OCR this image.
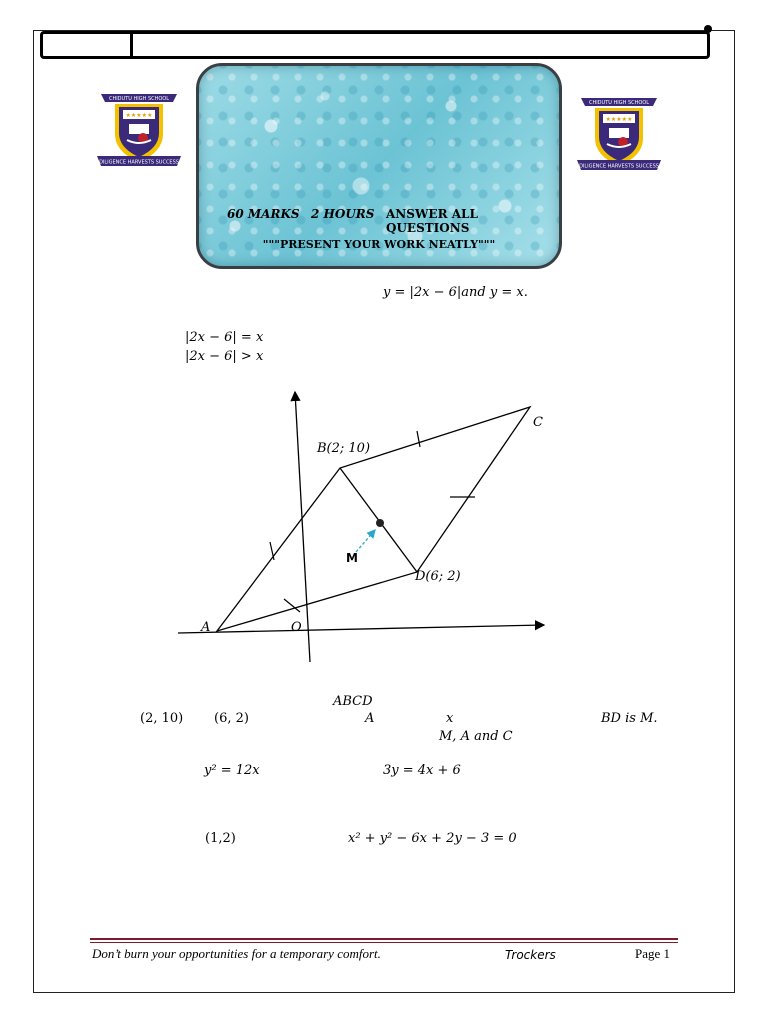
CHIDUTU HIGH SCHOOL
★★★★★
DILIGENCE HARVESTS SUCCESS
CHIDUTU HIGH SCHOOL
★★★★★
DILIGENCE HARVESTS SUCCESS
60 MARKS 2 HOURS ANSWER ALL QUESTIONS
"""PRESENT YOUR WORK NEATLY"""
y = |2x − 6|and y = x.
|2x − 6| = x
|2x − 6| > x
B(2; 10)
C
M
D(6; 2)
A	O
ABCD
(2, 10) (6, 2)	A	x	BD is M.
M, A and C
y² = 12x	3y = 4x + 6
(1,2)	x² + y² − 6x + 2y − 3 = 0
Don’t burn your opportunities for a temporary comfort.	Trockers	Page 1
